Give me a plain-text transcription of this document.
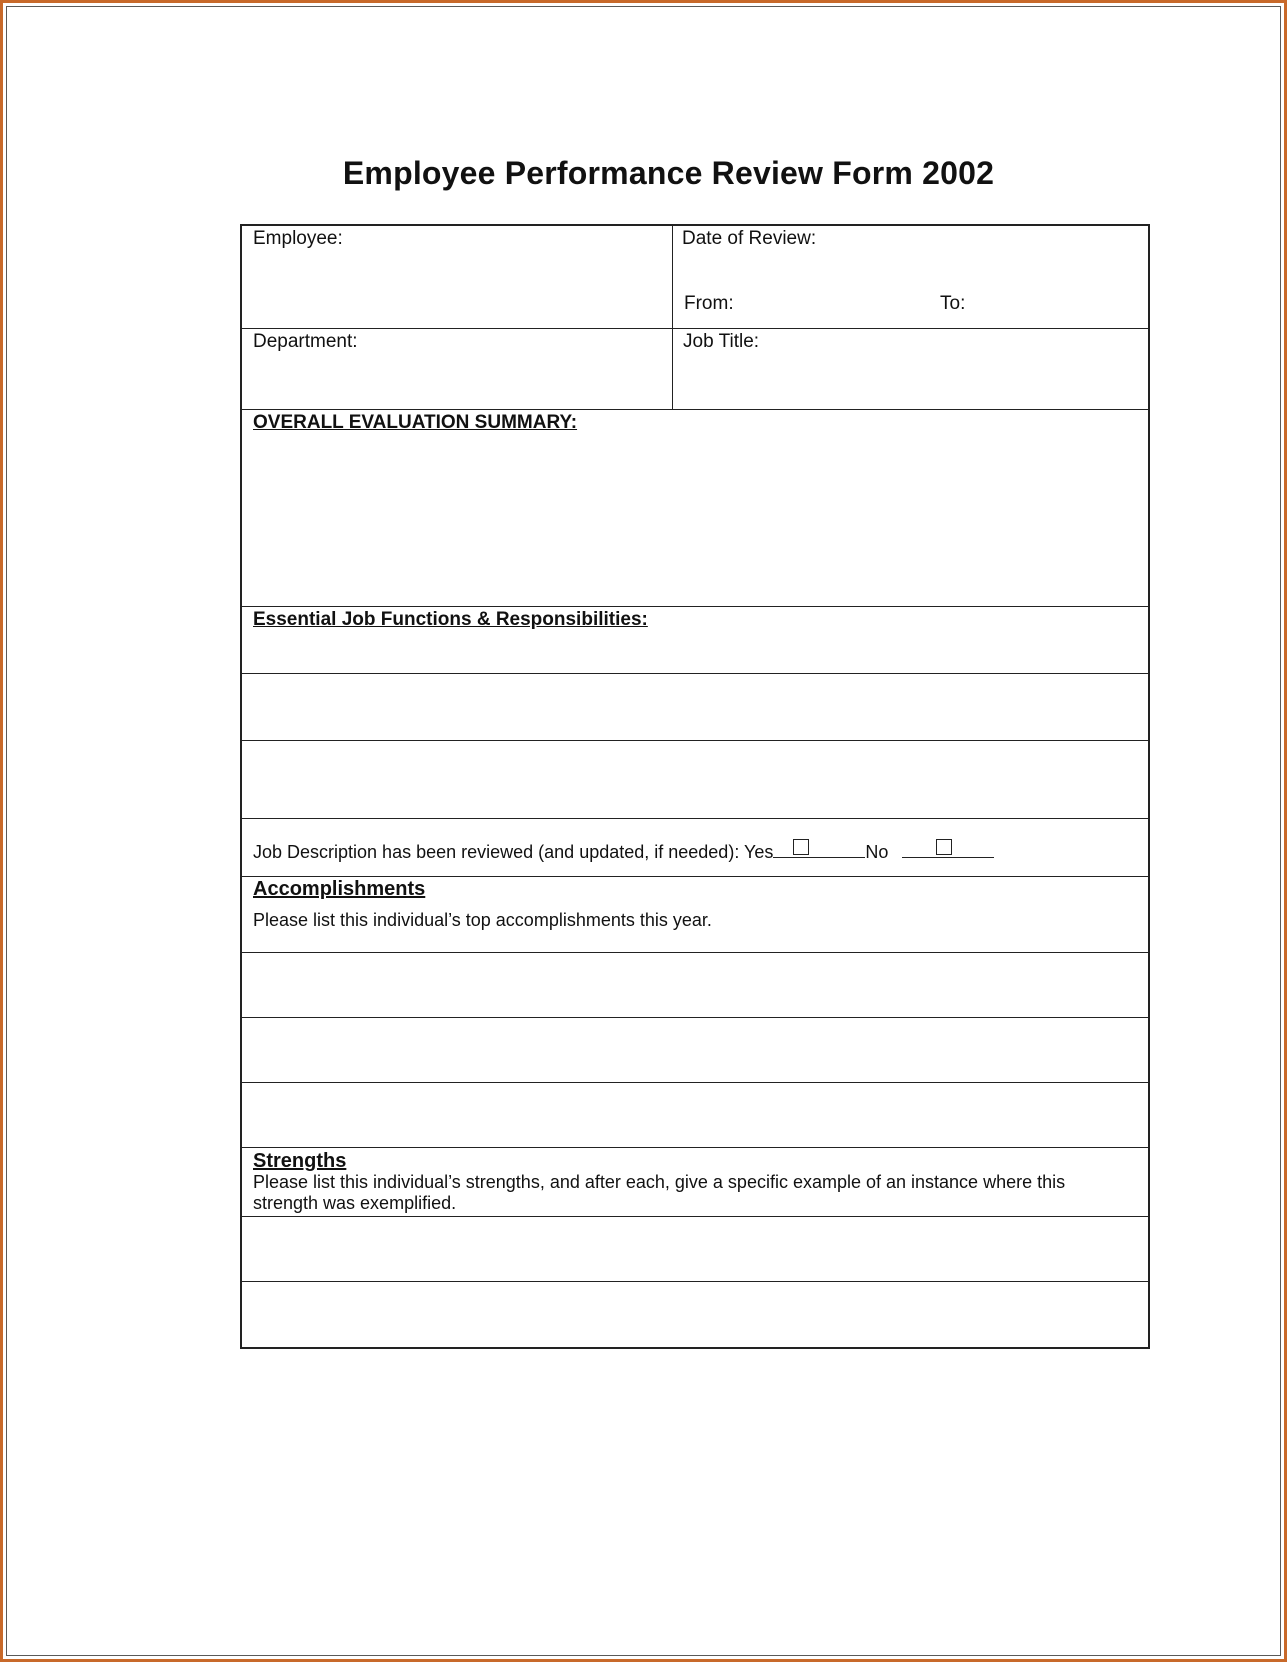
Employee Performance Review Form 2002
Employee:	Date of Review:
From:	To:
Department:	Job Title:
OVERALL EVALUATION SUMMARY:
Essential Job Functions & Responsibilities:
Job Description has been reviewed (and updated, if needed): Yes	No
Accomplishments
Please list this individual’s top accomplishments this year.
Strengths
Please list this individual’s strengths, and after each, give a specific example of an instance where this strength was exemplified.
